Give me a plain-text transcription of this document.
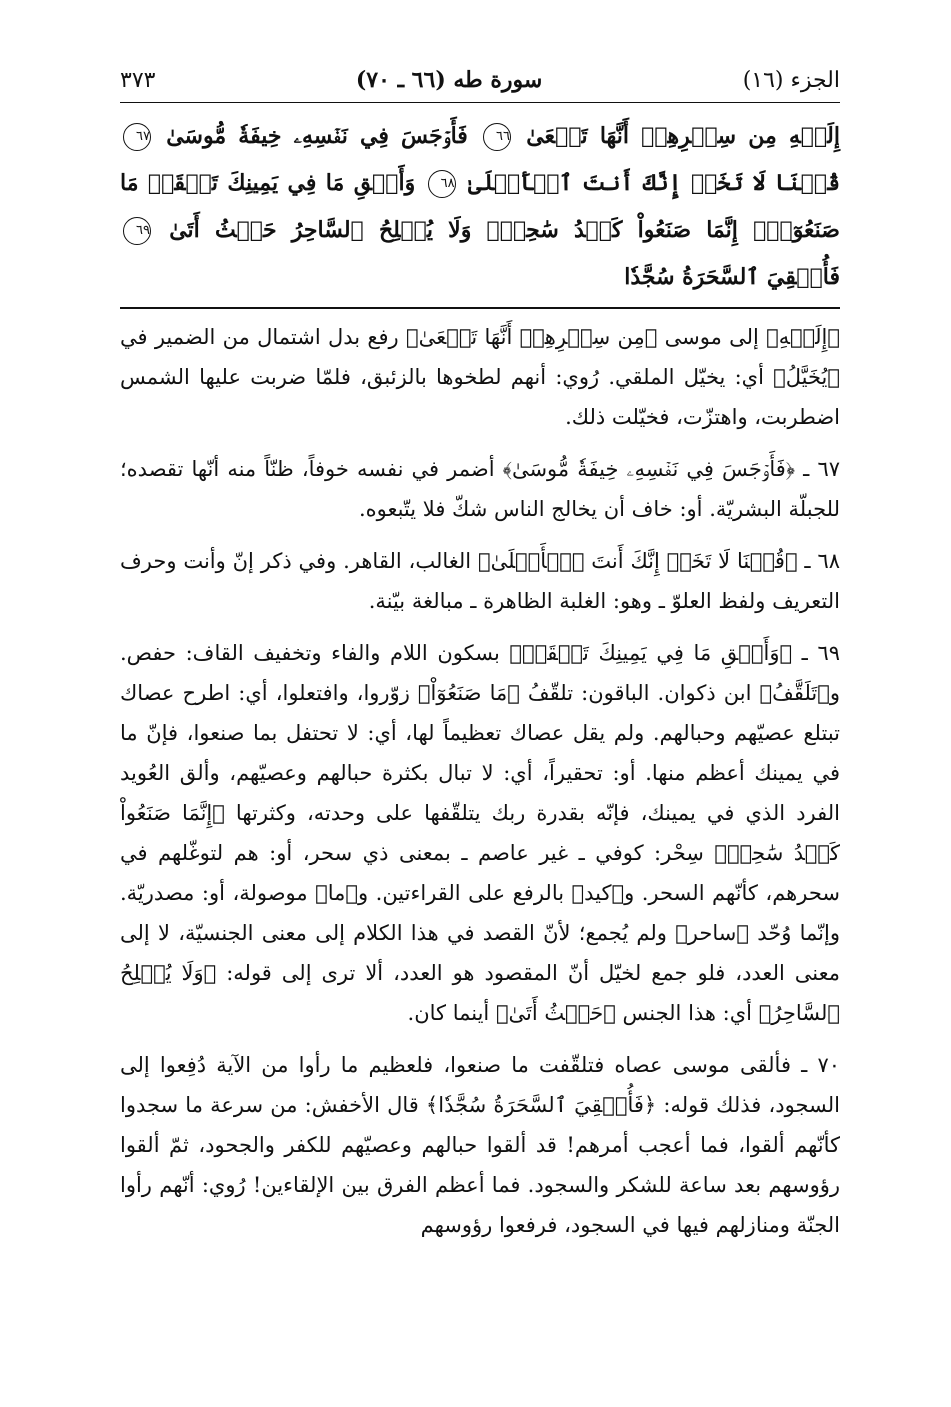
الجزء (١٦)
سورة طه (٦٦ ـ ٧٠)
٣٧٣
إِلَيۡهِ مِن سِحۡرِهِمۡ أَنَّهَا تَسۡعَىٰ ٦٦ فَأَوۡجَسَ فِي نَفۡسِهِۦ خِيفَةٗ مُّوسَىٰ ٦٧ قُلۡنَا لَا تَخَفۡ إِنَّكَ أَنتَ ٱلۡأَعۡلَىٰ ٦٨ وَأَلۡقِ مَا فِي يَمِينِكَ تَلۡقَفۡ مَا صَنَعُوٓاْۖ إِنَّمَا صَنَعُواْ كَيۡدُ سَٰحِرٖۖ وَلَا يُفۡلِحُ ٱلسَّاحِرُ حَيۡثُ أَتَىٰ ٦٩ فَأُلۡقِيَ ٱلسَّحَرَةُ سُجَّدٗا

﴿إِلَيۡهِ﴾ إلى موسى ﴿مِن سِحۡرِهِمۡ أَنَّهَا تَسۡعَىٰ﴾ رفع بدل اشتمال من الضمير في ﴿يُخَيَّلُ﴾ أي: يخيّل الملقي. رُوي: أنهم لطخوها بالزئبق، فلمّا ضربت عليها الشمس اضطربت، واهتزّت، فخيّلت ذلك.

٦٧ ـ ﴿فَأَوۡجَسَ فِي نَفۡسِهِۦ خِيفَةٗ مُّوسَىٰ﴾ أضمر في نفسه خوفاً، ظنّاً منه أنّها تقصده؛ للجبلّة البشريّة. أو: خاف أن يخالج الناس شكّ فلا يتّبعوه.

٦٨ ـ ﴿قُلۡنَا لَا تَخَفۡ إِنَّكَ أَنتَ ٱلۡأَعۡلَىٰ﴾ الغالب، القاهر. وفي ذكر إنّ وأنت وحرف التعريف ولفظ العلوّ ـ وهو: الغلبة الظاهرة ـ مبالغة بيّنة.

٦٩ ـ ﴿وَأَلۡقِ مَا فِي يَمِينِكَ تَلۡقَفۡ﴾ بسكون اللام والفاء وتخفيف القاف: حفص. و﴿تَلَقَّفُ﴾ ابن ذكوان. الباقون: تلقّفُ ﴿مَا صَنَعُوٓاْ﴾ زوّروا، وافتعلوا، أي: اطرح عصاك تبتلع عصيّهم وحبالهم. ولم يقل عصاك تعظيماً لها، أي: لا تحتفل بما صنعوا، فإنّ ما في يمينك أعظم منها. أو: تحقيراً، أي: لا تبال بكثرة حبالهم وعصيّهم، وألق العُويد الفرد الذي في يمينك، فإنّه بقدرة ربك يتلقّفها على وحدته، وكثرتها ﴿إِنَّمَا صَنَعُواْ كَيۡدُ سَٰحِرٖ﴾ سِحْر: كوفي ـ غير عاصم ـ بمعنى ذي سحر، أو: هم لتوغّلهم في سحرهم، كأنّهم السحر. و﴿كيد﴾ بالرفع على القراءتين. و﴿ما﴾ موصولة، أو: مصدريّة. وإنّما وُحّد ﴿ساحر﴾ ولم يُجمع؛ لأنّ القصد في هذا الكلام إلى معنى الجنسيّة، لا إلى معنى العدد، فلو جمع لخيّل أنّ المقصود هو العدد، ألا ترى إلى قوله: ﴿وَلَا يُفۡلِحُ ٱلسَّاحِرُ﴾ أي: هذا الجنس ﴿حَيۡثُ أَتَىٰ﴾ أينما كان.

٧٠ ـ فألقى موسى عصاه فتلقّفت ما صنعوا، فلعظيم ما رأوا من الآية دُفِعوا إلى السجود، فذلك قوله: ﴿فَأُلۡقِيَ ٱلسَّحَرَةُ سُجَّدٗا﴾ قال الأخفش: من سرعة ما سجدوا كأنّهم ألقوا، فما أعجب أمرهم! قد ألقوا حبالهم وعصيّهم للكفر والجحود، ثمّ ألقوا رؤوسهم بعد ساعة للشكر والسجود. فما أعظم الفرق بين الإلقاءين! رُوي: أنّهم رأوا الجنّة ومنازلهم فيها في السجود، فرفعوا رؤوسهم
